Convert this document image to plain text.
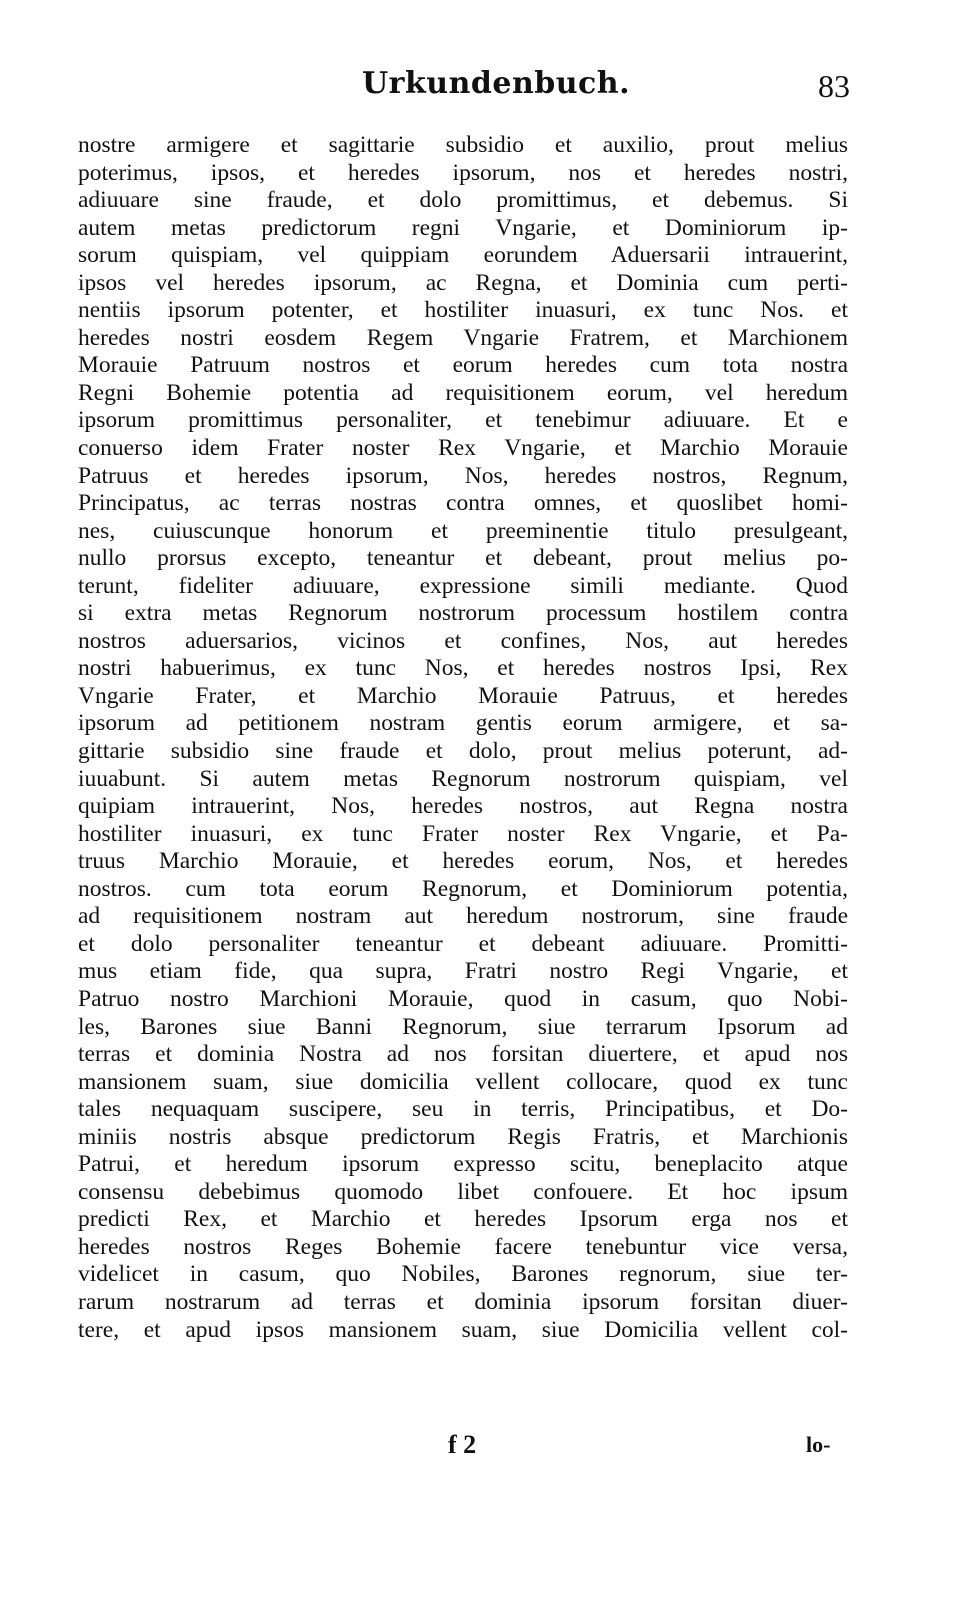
Urkundenbuch.	83
nostre armigere et sagittarie subsidio et auxilio, prout melius
poterimus, ipsos, et heredes ipsorum, nos et heredes nostri,
adiuuare sine fraude, et dolo promittimus, et debemus. Si
autem metas predictorum regni Vngarie, et Dominiorum ip-
sorum quispiam, vel quippiam eorundem Aduersarii intrauerint,
ipsos vel heredes ipsorum, ac Regna, et Dominia cum perti-
nentiis ipsorum potenter, et hostiliter inuasuri, ex tunc Nos. et
heredes nostri eosdem Regem Vngarie Fratrem, et Marchionem
Morauie Patruum nostros et eorum heredes cum tota nostra
Regni Bohemie potentia ad requisitionem eorum, vel heredum
ipsorum promittimus personaliter, et tenebimur adiuuare. Et e
conuerso idem Frater noster Rex Vngarie, et Marchio Morauie
Patruus et heredes ipsorum, Nos, heredes nostros, Regnum,
Principatus, ac terras nostras contra omnes, et quoslibet homi-
nes, cuiuscunque honorum et preeminentie titulo presulgeant,
nullo prorsus excepto, teneantur et debeant, prout melius po-
terunt, fideliter adiuuare, expressione simili mediante. Quod
si extra metas Regnorum nostrorum processum hostilem contra
nostros aduersarios, vicinos et confines, Nos, aut heredes
nostri habuerimus, ex tunc Nos, et heredes nostros Ipsi, Rex
Vngarie Frater, et Marchio Morauie Patruus, et heredes
ipsorum ad petitionem nostram gentis eorum armigere, et sa-
gittarie subsidio sine fraude et dolo, prout melius poterunt, ad-
iuuabunt. Si autem metas Regnorum nostrorum quispiam, vel
quipiam intrauerint, Nos, heredes nostros, aut Regna nostra
hostiliter inuasuri, ex tunc Frater noster Rex Vngarie, et Pa-
truus Marchio Morauie, et heredes eorum, Nos, et heredes
nostros. cum tota eorum Regnorum, et Dominiorum potentia,
ad requisitionem nostram aut heredum nostrorum, sine fraude
et dolo personaliter teneantur et debeant adiuuare. Promitti-
mus etiam fide, qua supra, Fratri nostro Regi Vngarie, et
Patruo nostro Marchioni Morauie, quod in casum, quo Nobi-
les, Barones siue Banni Regnorum, siue terrarum Ipsorum ad
terras et dominia Nostra ad nos forsitan diuertere, et apud nos
mansionem suam, siue domicilia vellent collocare, quod ex tunc
tales nequaquam suscipere, seu in terris, Principatibus, et Do-
miniis nostris absque predictorum Regis Fratris, et Marchionis
Patrui, et heredum ipsorum expresso scitu, beneplacito atque
consensu debebimus quomodo libet confouere. Et hoc ipsum
predicti Rex, et Marchio et heredes Ipsorum erga nos et
heredes nostros Reges Bohemie facere tenebuntur vice versa,
videlicet in casum, quo Nobiles, Barones regnorum, siue ter-
rarum nostrarum ad terras et dominia ipsorum forsitan diuer-
tere, et apud ipsos mansionem suam, siue Domicilia vellent col-
f 2	lo-
